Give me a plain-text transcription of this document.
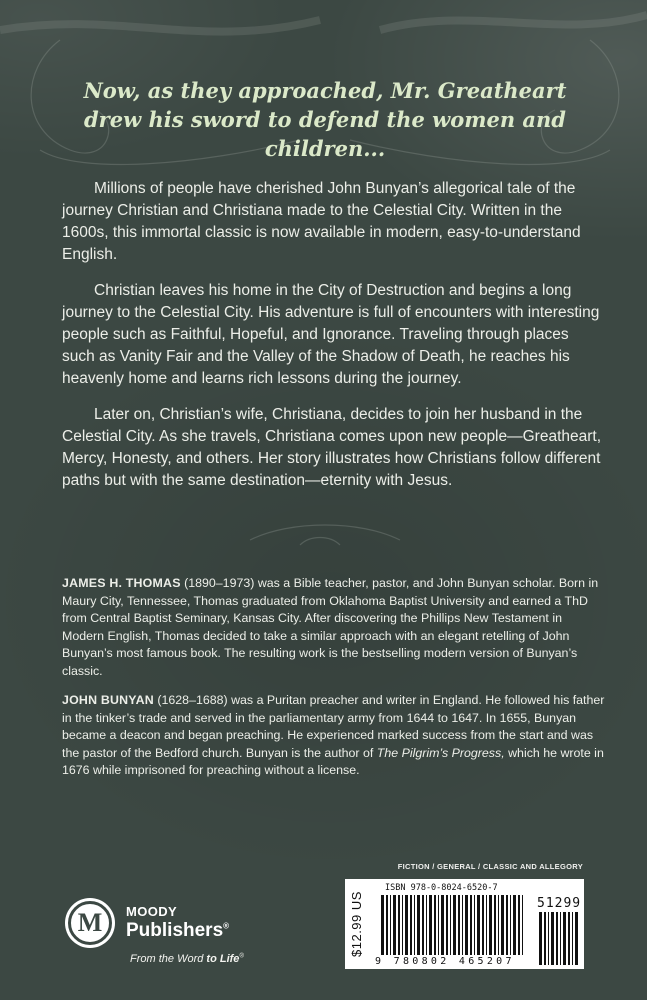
Now, as they approached, Mr. Greatheart drew his sword to defend the women and children...

Millions of people have cherished John Bunyan’s allegorical tale of the journey Christian and Christiana made to the Celestial City. Written in the 1600s, this immortal classic is now available in modern, easy-to-understand English.

Christian leaves his home in the City of Destruction and begins a long journey to the Celestial City. His adventure is full of encounters with interesting people such as Faithful, Hopeful, and Ignorance. Traveling through places such as Vanity Fair and the Valley of the Shadow of Death, he reaches his heavenly home and learns rich lessons during the journey.

Later on, Christian’s wife, Christiana, decides to join her husband in the Celestial City. As she travels, Christiana comes upon new people—Greatheart, Mercy, Honesty, and others. Her story illustrates how Christians follow different paths but with the same destination—eternity with Jesus.

JAMES H. THOMAS (1890–1973) was a Bible teacher, pastor, and John Bunyan scholar. Born in Maury City, Tennessee, Thomas graduated from Oklahoma Baptist University and earned a ThD from Central Baptist Seminary, Kansas City. After discovering the Phillips New Testament in Modern English, Thomas decided to take a similar approach with an elegant retelling of John Bunyan’s most famous book. The resulting work is the bestselling modern version of Bunyan’s classic.

JOHN BUNYAN (1628–1688) was a Puritan preacher and writer in England. He followed his father in the tinker’s trade and served in the parliamentary army from 1644 to 1647. In 1655, Bunyan became a deacon and began preaching. He experienced marked success from the start and was the pastor of the Bedford church. Bunyan is the author of The Pilgrim’s Progress, which he wrote in 1676 while imprisoned for preaching without a license.

FICTION / GENERAL / CLASSIC AND ALLEGORY
$12.99 US
ISBN 978-0-8024-6520-7
9 780802 465207
51299
M	MOODY
Publishers®
From the Word to Life®
